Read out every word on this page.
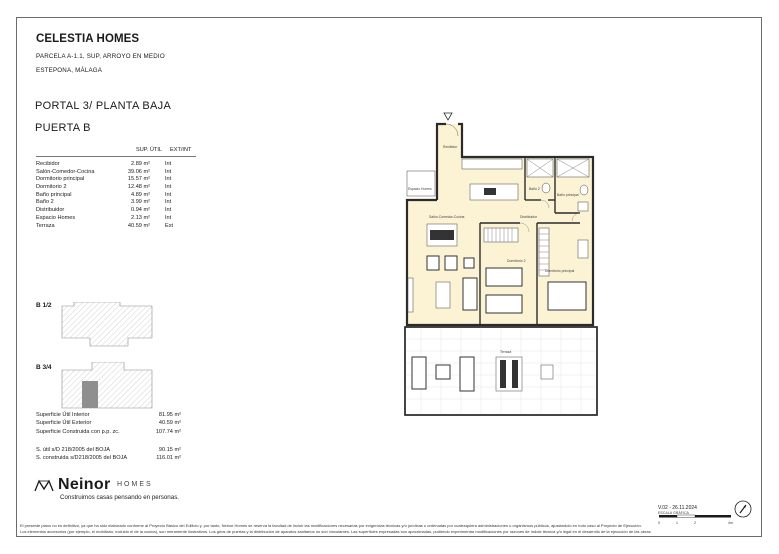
CELESTIA HOMES
PARCELA A-1.1, SUP, ARROYO EN MEDIO
ESTEPONA, MÁLAGA
PORTAL 3/ PLANTA BAJA
PUERTA B
SUP. ÚTIL EXT/INT
Recibidor	2.89 m²	Int
Salón-Comedor-Cocina	39.06 m²	Int
Dormitorio principal	15.57 m²	Int
Dormitorio 2	12.48 m²	Int
Baño principal	4.89 m²	Int
Baño 2	3.99 m²	Int
Distribuidor	0.94 m²	Int
Espacio Homes	2.13 m²	Int
Terraza	40.59 m²	Ext
B 1/2
B 3/4
Superficie Útil Interior	81.95 m²
Superficie Útil Exterior	40.59 m²
Superficie Construida con p.p. zc.	107.74 m²
S. útil s/D 218/2005 del BOJA	90.15 m²
S. construida s/D218/2005 del BOJA	116.01 m²
Recibidor
Espacio Homes
Salón-Comedor-Cocina	Distribuidor
Baño 2
Baño principal
Dormitorio 2
Dormitorio principal
Terraza
Neinor HOMES
Construimos casas pensando en personas.
V.02 - 26.11.2024
ESCALA GRÁFICA
0	1	2	4m
El presente plano no es definitivo, ya que ha sido elaborado conforme al Proyecto Básico del Edificio y, por tanto, Neinor Homes se reserva la facultad de incluir las modificaciones necesarias por exigencias técnicas y/o jurídicas u ordenadas por cualesquiera administraciones u organismos públicos, ajustándolo en todo caso al Proyecto de Ejecución.
Los elementos accesorios (por ejemplo, el mobiliario, incluido el de la cocina), son meramente ilustrativos. Los giros de puertas y la distribución de aparatos sanitarios no son vinculantes. Las superficies expresadas son aproximadas, pudiendo experimentar modificaciones por razones de índole técnica y/o legal en el desarrollo de la ejecución de las obras.
